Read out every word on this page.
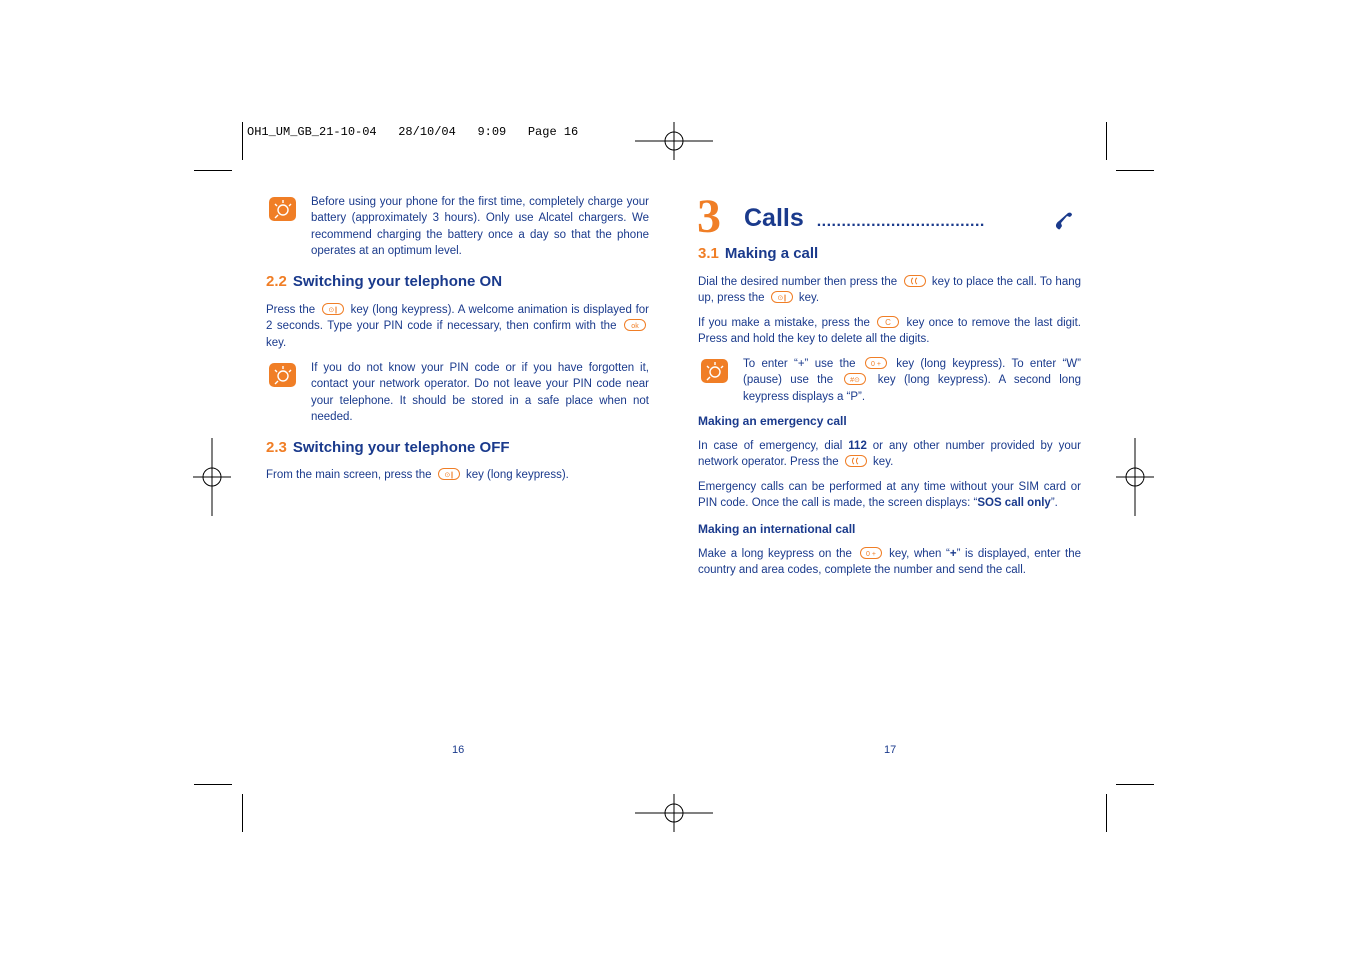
OH1_UM_GB_21-10-04   28/10/04   9:09   Page 16

Before using your phone for the first time, completely charge your battery (approximately 3 hours). Only use Alcatel chargers. We recommend charging the battery once a day so that the phone operates at an optimum level.

2.2 Switching your telephone ON
Press the ⊙∥ key (long keypress). A welcome animation is displayed for 2 seconds. Type your PIN code if necessary, then confirm with the ok
key.

If you do not know your PIN code or if you have forgotten it, contact your network operator. Do not leave your PIN code near your telephone. It should be stored in a safe place when not needed.

2.3 Switching your telephone OFF
From the main screen, press the ⊙∥ key (long keypress).
16
3 Calls ..................................
3.1 Making a call
Dial the desired number then press the	key to place the call. To hang up, press the ⊙∥ key.
If you make a mistake, press the C key once to remove the last digit. Press and hold the key to delete all the digits.
To enter “+” use the 0 + key (long keypress). To enter “W” (pause) use the #⊙ key (long keypress). A second long keypress displays a “P”.
Making an emergency call
In case of emergency, dial 112 or any other number provided by your network operator. Press the	key.
Emergency calls can be performed at any time without your SIM card or PIN code. Once the call is made, the screen displays: “SOS call only”.
Making an international call
Make a long keypress on the 0 + key, when “+” is displayed, enter the country and area codes, complete the number and send the call.
17
